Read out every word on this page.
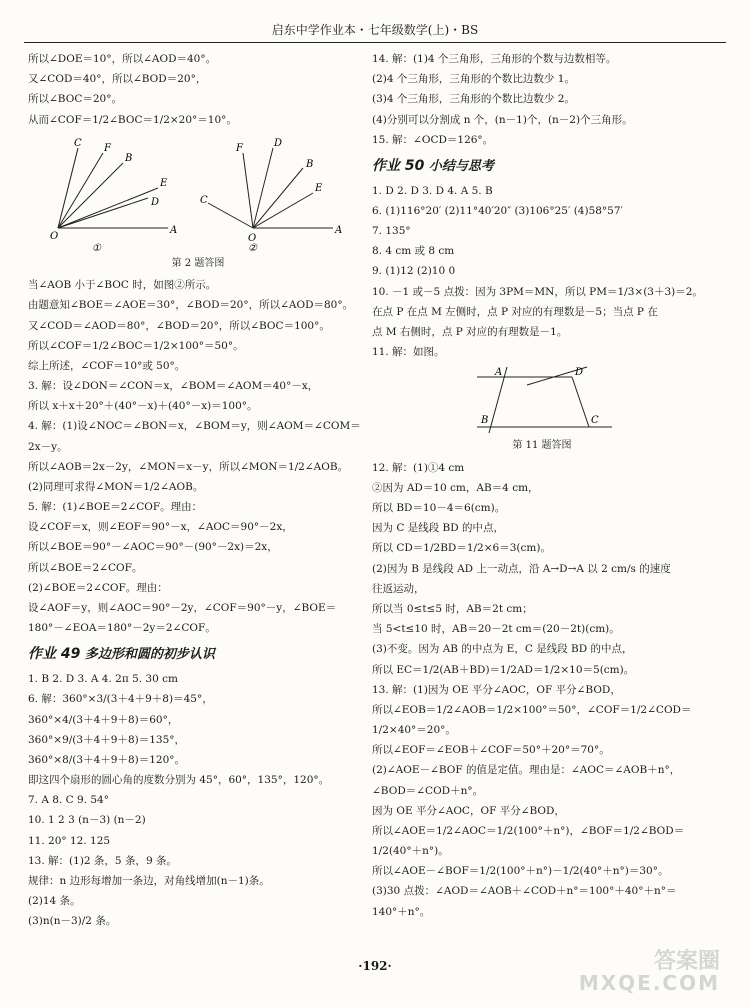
启东中学作业本・七年级数学(上)・BS
所以∠DOE＝10°，所以∠AOD＝40°。
又∠COD＝40°，所以∠BOD＝20°，
所以∠BOC＝20°。
从而∠COF＝1/2∠BOC＝1/2×20°＝10°。
O
A
C F
B
D
E
①
O
A
C
F	D
B
E
②
第 2 题答图
当∠AOB 小于∠BOC 时，如图②所示。
由题意知∠BOE＝∠AOE＝30°，∠BOD＝20°，所以∠AOD＝80°。
又∠COD＝∠AOD＝80°，∠BOD＝20°，所以∠BOC＝100°。
所以∠COF＝1/2∠BOC＝1/2×100°＝50°。
综上所述，∠COF＝10°或 50°。
3. 解：设∠DON＝∠CON＝x，∠BOM＝∠AOM＝40°－x，
所以 x＋x＋20°＋(40°－x)＋(40°－x)＝100°。
4. 解：(1)设∠NOC＝∠BON＝x，∠BOM＝y，则∠AOM＝∠COM＝
2x－y。
所以∠AOB＝2x－2y，∠MON＝x－y，所以∠MON＝1/2∠AOB。
(2)同理可求得∠MON＝1/2∠AOB。
5. 解：(1)∠BOE＝2∠COF。理由：
设∠COF＝x，则∠EOF＝90°－x，∠AOC＝90°－2x，
所以∠BOE＝90°－∠AOC＝90°－(90°－2x)＝2x，
所以∠BOE＝2∠COF。
(2)∠BOE＝2∠COF。理由：
设∠AOF＝y，则∠AOC＝90°－2y，∠COF＝90°－y，∠BOE＝
180°－∠EOA＝180°－2y＝2∠COF。
作业 49 多边形和圆的初步认识
1. B 2. D 3. A 4. 2π 5. 30 cm
6. 解：360°×3/(3＋4＋9＋8)＝45°，
360°×4/(3＋4＋9＋8)＝60°，
360°×9/(3＋4＋9＋8)＝135°，
360°×8/(3＋4＋9＋8)＝120°。
即这四个扇形的圆心角的度数分别为 45°，60°，135°，120°。
7. A 8. C 9. 54°
10. 1 2 3 (n－3) (n－2)
11. 20° 12. 125
13. 解：(1)2 条，5 条，9 条。
规律：n 边形每增加一条边，对角线增加(n－1)条。
(2)14 条。
(3)n(n－3)/2 条。
14. 解：(1)4 个三角形，三角形的个数与边数相等。
(2)4 个三角形，三角形的个数比边数少 1。
(3)4 个三角形，三角形的个数比边数少 2。
(4)分别可以分割成 n 个，(n－1)个，(n－2)个三角形。
15. 解：∠OCD＝126°。
作业 50 小结与思考
1. D 2. D 3. D 4. A 5. B
6. (1)116°20′ (2)11°40′20″ (3)106°25′ (4)58°57′
7. 135°
8. 4 cm 或 8 cm
9. (1)12 (2)10 0
10. －1 或－5 点拨：因为 3PM＝MN，所以 PM＝1/3×(3＋3)＝2。
在点 P 在点 M 左侧时，点 P 对应的有理数是－5；当点 P 在
点 M 右侧时，点 P 对应的有理数是－1。
11. 解：如图。
A	D
B	C
第 11 题答图
12. 解：(1)①4 cm
②因为 AD＝10 cm，AB＝4 cm，
所以 BD＝10－4＝6(cm)。
因为 C 是线段 BD 的中点，
所以 CD＝1/2BD＝1/2×6＝3(cm)。
(2)因为 B 是线段 AD 上一动点，沿 A→D→A 以 2 cm/s 的速度
往返运动，
所以当 0≤t≤5 时，AB＝2t cm；
当 5<t≤10 时，AB＝20－2t cm＝(20－2t)(cm)。
(3)不变。因为 AB 的中点为 E，C 是线段 BD 的中点，
所以 EC＝1/2(AB＋BD)＝1/2AD＝1/2×10＝5(cm)。
13. 解：(1)因为 OE 平分∠AOC，OF 平分∠BOD，
所以∠EOB＝1/2∠AOB＝1/2×100°＝50°，∠COF＝1/2∠COD＝
1/2×40°＝20°。
所以∠EOF＝∠EOB＋∠COF＝50°＋20°＝70°。
(2)∠AOE－∠BOF 的值是定值。理由是：∠AOC＝∠AOB＋n°，
∠BOD＝∠COD＋n°。
因为 OE 平分∠AOC，OF 平分∠BOD，
所以∠AOE＝1/2∠AOC＝1/2(100°＋n°)，∠BOF＝1/2∠BOD＝
1/2(40°＋n°)。
所以∠AOE－∠BOF＝1/2(100°＋n°)－1/2(40°＋n°)＝30°。
(3)30 点拨：∠AOD＝∠AOB＋∠COD＋n°＝100°＋40°＋n°＝
140°＋n°。
·192·	答案圈
MXQE.COM
